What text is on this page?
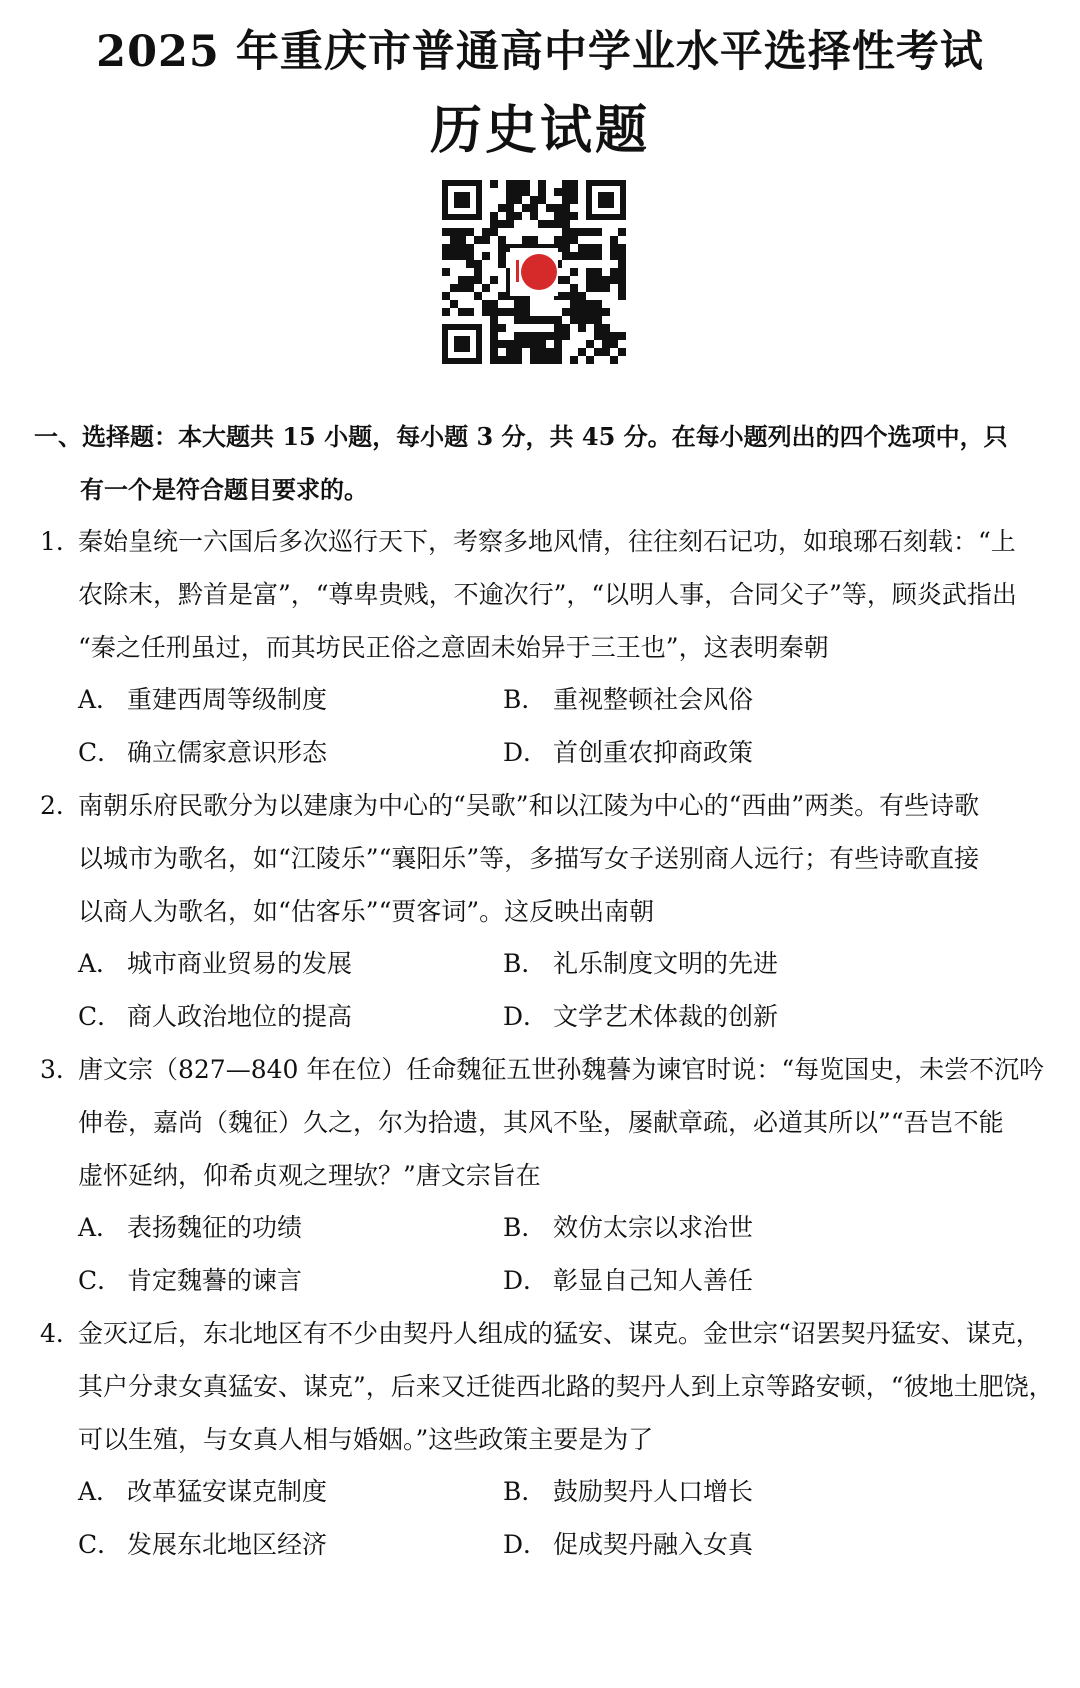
2025 年重庆市普通高中学业水平选择性考试
历史试题
一、选择题：本大题共 15 小题，每小题 3 分，共 45 分。在每小题列出的四个选项中，只
有一个是符合题目要求的。
1．
秦始皇统一六国后多次巡行天下，考察多地风情，往往刻石记功，如琅琊石刻载：“上
农除末，黔首是富”，“尊卑贵贱，不逾次行”，“以明人事，合同父子”等，顾炎武指出
“秦之任刑虽过，而其坊民正俗之意固未始异于三王也”，这表明秦朝
A． 重建西周等级制度	B． 重视整顿社会风俗
C． 确立儒家意识形态	D． 首创重农抑商政策
2．
南朝乐府民歌分为以建康为中心的“吴歌”和以江陵为中心的“西曲”两类。有些诗歌
以城市为歌名，如“江陵乐”“襄阳乐”等，多描写女子送别商人远行；有些诗歌直接
以商人为歌名，如“估客乐”“贾客词”。这反映出南朝
A． 城市商业贸易的发展	B． 礼乐制度文明的先进
C． 商人政治地位的提高	D． 文学艺术体裁的创新
3．
唐文宗（827—840 年在位）任命魏征五世孙魏謩为谏官时说：“每览国史，未尝不沉吟
伸卷，嘉尚（魏征）久之，尔为拾遗，其风不坠，屡献章疏，必道其所以”“吾岂不能
虚怀延纳，仰希贞观之理欤？”唐文宗旨在
A． 表扬魏征的功绩	B． 效仿太宗以求治世
C． 肯定魏謩的谏言	D． 彰显自己知人善任
4．
金灭辽后，东北地区有不少由契丹人组成的猛安、谋克。金世宗“诏罢契丹猛安、谋克，
其户分隶女真猛安、谋克”，后来又迁徙西北路的契丹人到上京等路安顿，“彼地土肥饶，
可以生殖，与女真人相与婚姻。”这些政策主要是为了
A． 改革猛安谋克制度	B． 鼓励契丹人口增长
C． 发展东北地区经济	D． 促成契丹融入女真
